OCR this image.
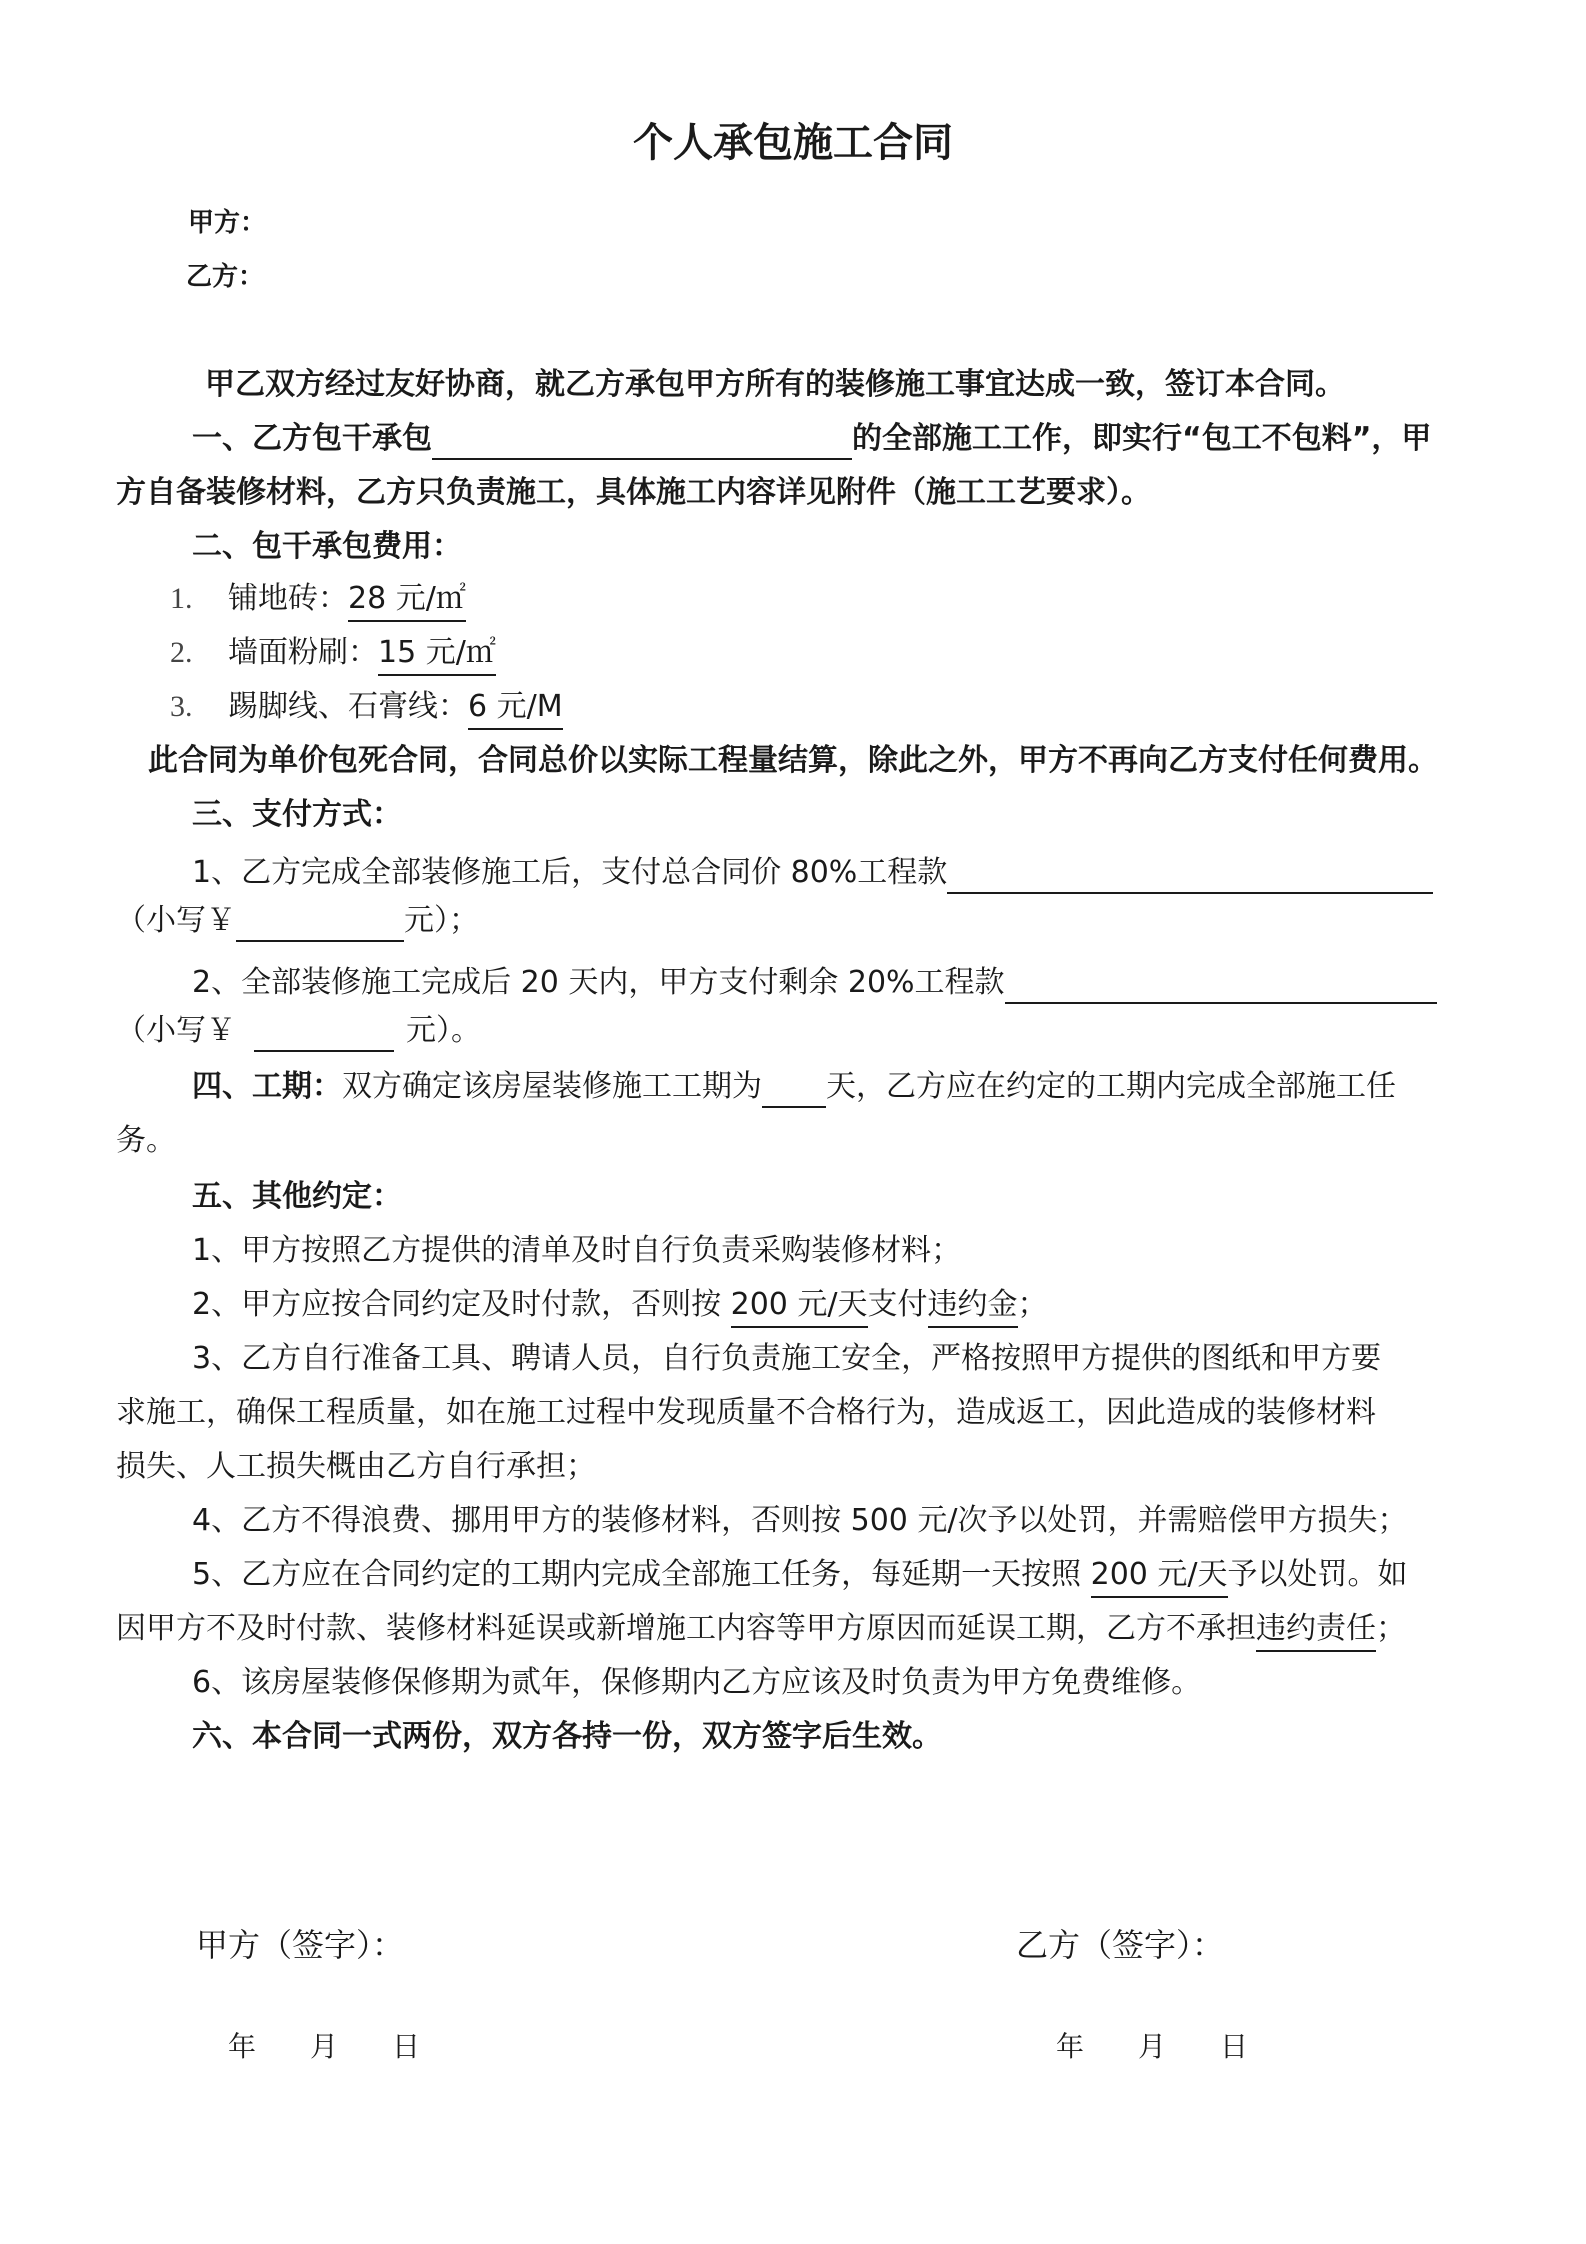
个人承包施工合同
甲方：
乙方：
甲乙双方经过友好协商，就乙方承包甲方所有的装修施工事宜达成一致，签订本合同。
一、乙方包干承包	的全部施工工作，即实行“包工不包料”，甲
方自备装修材料，乙方只负责施工，具体施工内容详见附件（施工工艺要求）。
二、包干承包费用：
1. 铺地砖：28 元/㎡
2. 墙面粉刷：15 元/㎡
3. 踢脚线、石膏线：6 元/M
此合同为单价包死合同，合同总价以实际工程量结算，除此之外，甲方不再向乙方支付任何费用。
三、支付方式：
1、乙方完成全部装修施工后，支付总合同价 80%工程款
（小写￥	元）；
2、全部装修施工完成后 20 天内，甲方支付剩余 20%工程款
（小写￥	元）。
四、工期：双方确定该房屋装修施工工期为 天，乙方应在约定的工期内完成全部施工任
务。
五、其他约定：
1、甲方按照乙方提供的清单及时自行负责采购装修材料；
2、甲方应按合同约定及时付款，否则按 200 元/天支付违约金；
3、乙方自行准备工具、聘请人员，自行负责施工安全，严格按照甲方提供的图纸和甲方要
求施工，确保工程质量，如在施工过程中发现质量不合格行为，造成返工，因此造成的装修材料
损失、人工损失概由乙方自行承担；
4、乙方不得浪费、挪用甲方的装修材料，否则按 500 元/次予以处罚，并需赔偿甲方损失；
5、乙方应在合同约定的工期内完成全部施工任务，每延期一天按照 200 元/天予以处罚。如
因甲方不及时付款、装修材料延误或新增施工内容等甲方原因而延误工期，乙方不承担违约责任；
6、该房屋装修保修期为贰年，保修期内乙方应该及时负责为甲方免费维修。
六、本合同一式两份，双方各持一份，双方签字后生效。
甲方（签字）：	乙方（签字）：
年 月 日	年 月 日
